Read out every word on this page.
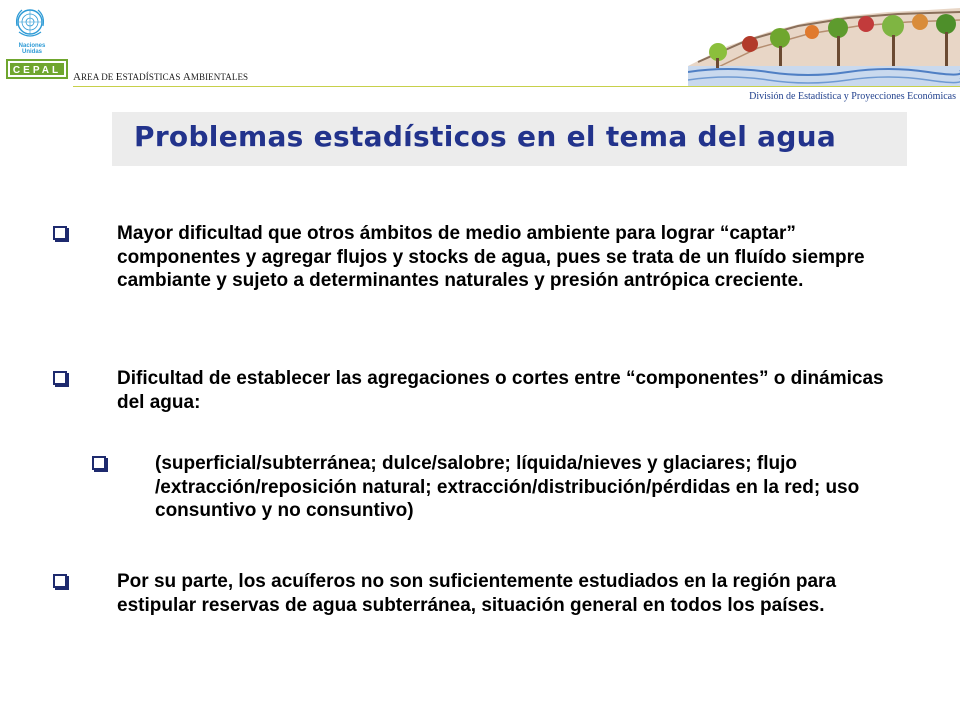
Naciones Unidas
CEPAL
AREA DE ESTADÍSTICAS AMBIENTALES
División de Estadística y Proyecciones Económicas
Problemas estadísticos en el tema del agua
Mayor dificultad que otros ámbitos de medio ambiente para lograr “captar” componentes y agregar flujos y stocks de agua, pues se trata de un fluído siempre cambiante y sujeto a determinantes naturales y presión antrópica creciente.
Dificultad de establecer las agregaciones o cortes entre “componentes” o dinámicas del agua:
(superficial/subterránea; dulce/salobre; líquida/nieves y glaciares; flujo /extracción/reposición natural; extracción/distribución/pérdidas en la red; uso consuntivo y no consuntivo)
Por su parte, los acuíferos no son suficientemente estudiados en la región para estipular reservas de agua subterránea, situación general en todos los países.
